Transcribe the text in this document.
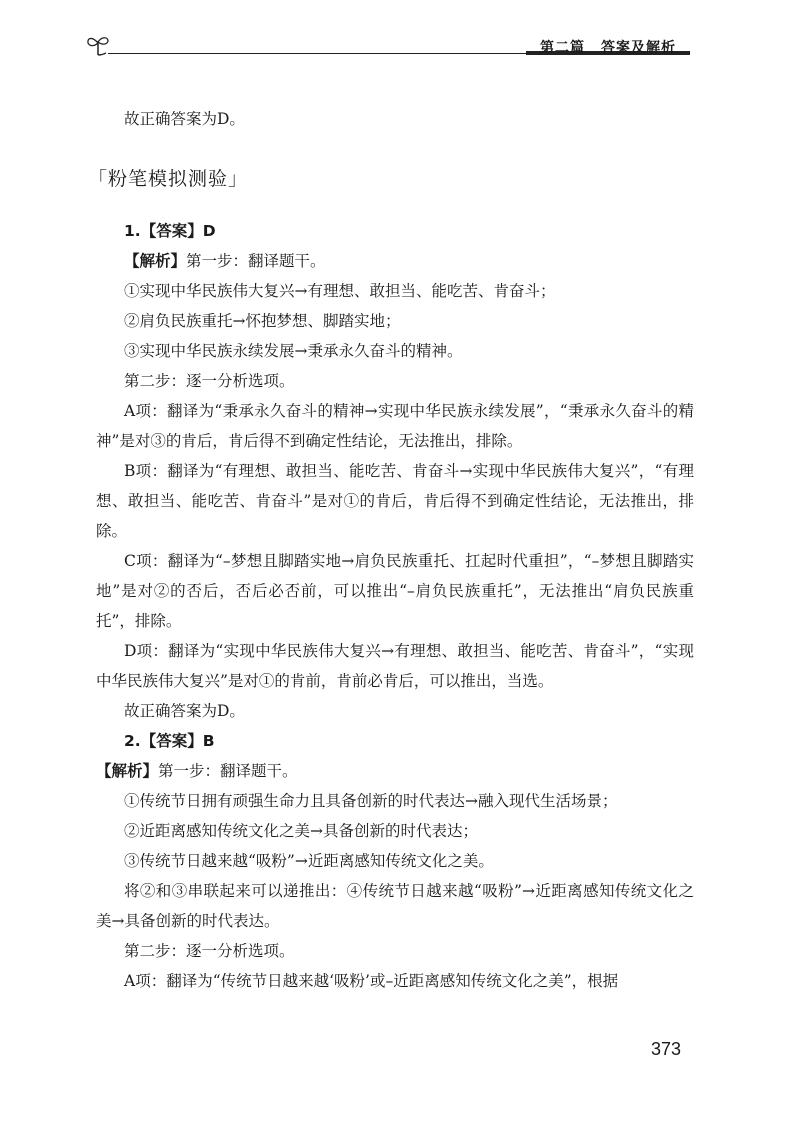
第二篇 答案及解析

故正确答案为D。

「粉笔模拟测验」

1.【答案】D

【解析】第一步：翻译题干。

①实现中华民族伟大复兴→有理想、敢担当、能吃苦、肯奋斗；

②肩负民族重托→怀抱梦想、脚踏实地；

③实现中华民族永续发展→秉承永久奋斗的精神。

第二步：逐一分析选项。

A项：翻译为“秉承永久奋斗的精神→实现中华民族永续发展”，“秉承永久奋斗的精神”是对③的肯后，肯后得不到确定性结论，无法推出，排除。

B项：翻译为“有理想、敢担当、能吃苦、肯奋斗→实现中华民族伟大复兴”，“有理想、敢担当、能吃苦、肯奋斗”是对①的肯后，肯后得不到确定性结论，无法推出，排除。

C项：翻译为“–梦想且脚踏实地→肩负民族重托、扛起时代重担”，“–梦想且脚踏实地”是对②的否后，否后必否前，可以推出“–肩负民族重托”，无法推出“肩负民族重托”，排除。

D项：翻译为“实现中华民族伟大复兴→有理想、敢担当、能吃苦、肯奋斗”，“实现中华民族伟大复兴”是对①的肯前，肯前必肯后，可以推出，当选。

故正确答案为D。

2.【答案】B

【解析】第一步：翻译题干。

①传统节日拥有顽强生命力且具备创新的时代表达→融入现代生活场景；

②近距离感知传统文化之美→具备创新的时代表达；

③传统节日越来越“吸粉”→近距离感知传统文化之美。

将②和③串联起来可以递推出：④传统节日越来越“吸粉”→近距离感知传统文化之美→具备创新的时代表达。

第二步：逐一分析选项。

A项：翻译为“传统节日越来越‘吸粉’或–近距离感知传统文化之美”，根据

373
